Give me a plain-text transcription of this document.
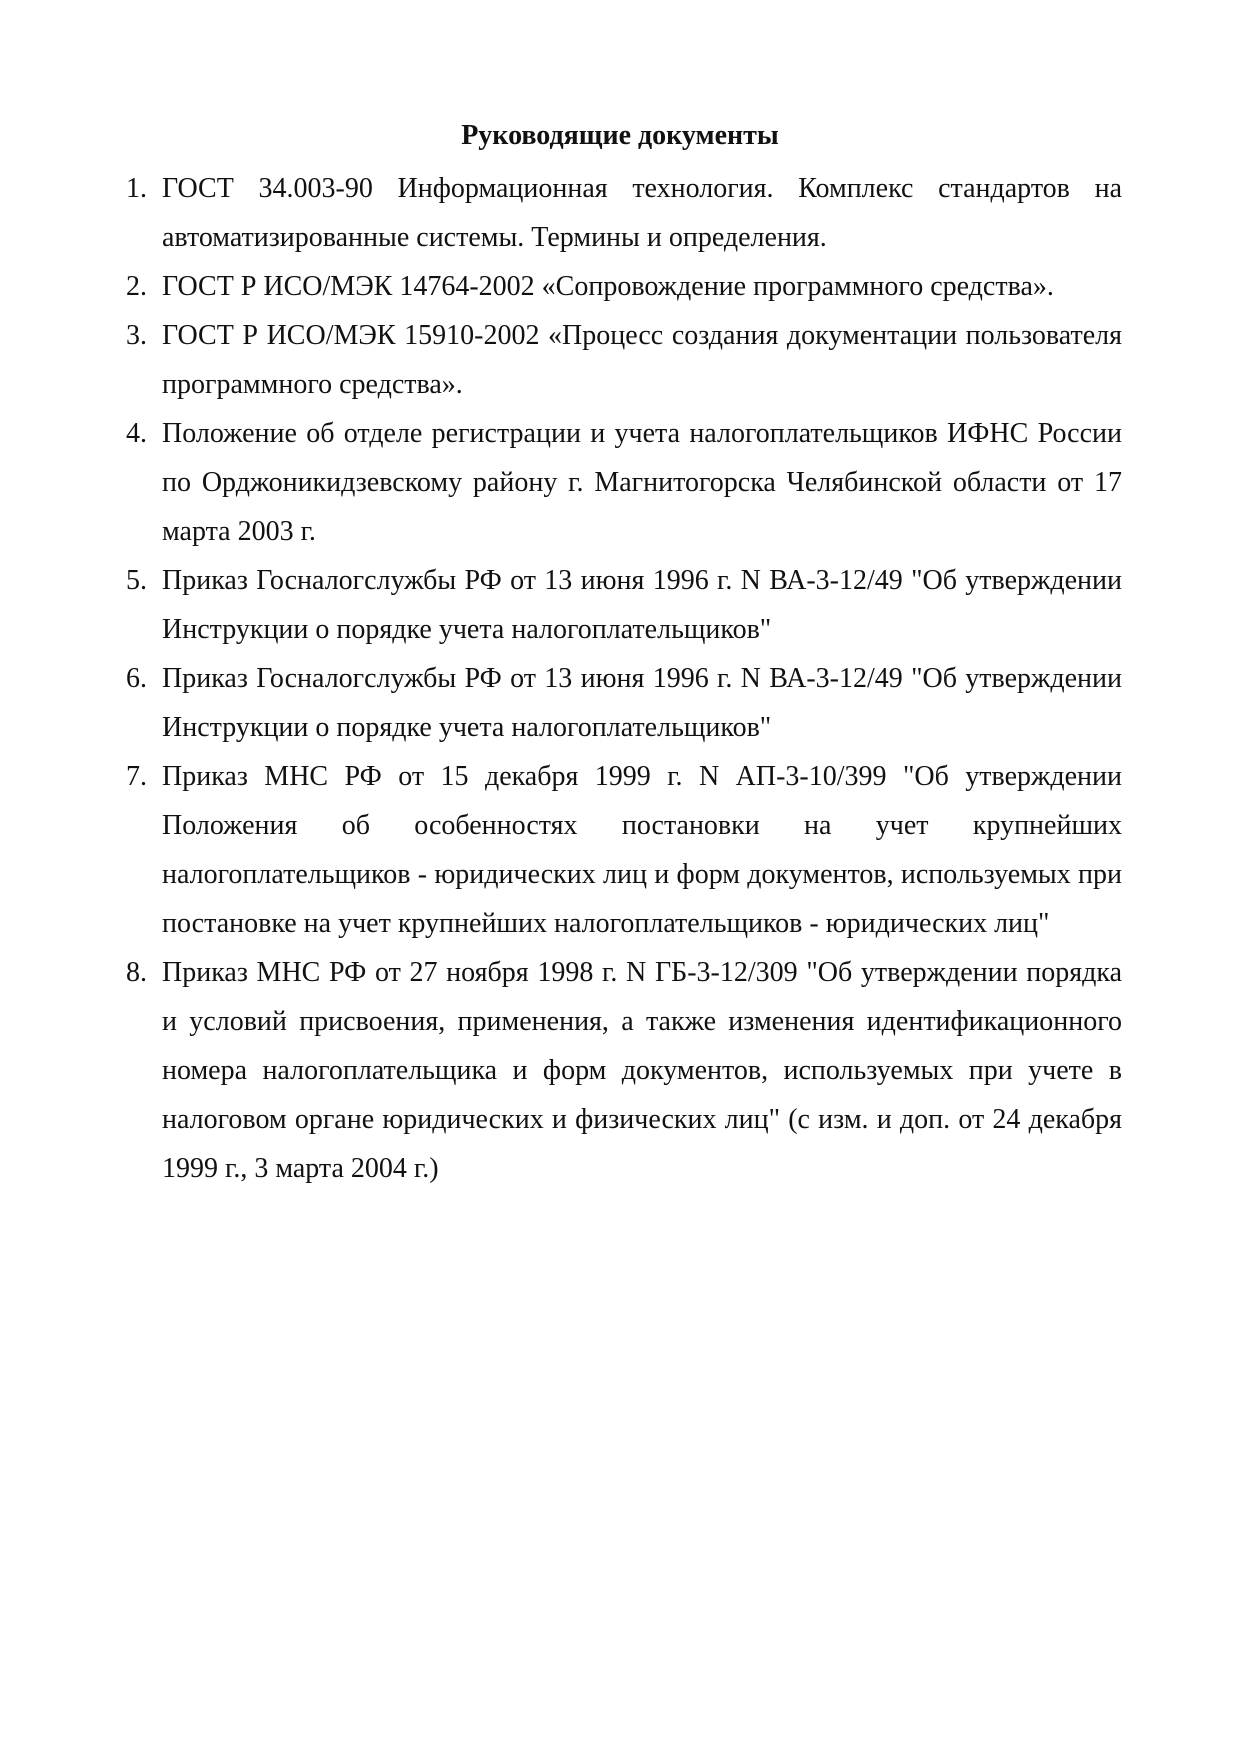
Руководящие документы
1. ГОСТ 34.003-90 Информационная технология. Комплекс стандартов на автоматизированные системы. Термины и определения.
2. ГОСТ Р ИСО/МЭК 14764-2002 «Сопровождение программного средства».
3. ГОСТ Р ИСО/МЭК 15910-2002 «Процесс создания документации пользователя программного средства».
4. Положение об отделе регистрации и учета налогоплательщиков ИФНС России по Орджоникидзевскому району г. Магнитогорска Челябинской области от 17 марта 2003 г.
5. Приказ Госналогслужбы РФ от 13 июня 1996 г. N ВА-3-12/49 "Об утверждении Инструкции о порядке учета налогоплательщиков"
6. Приказ Госналогслужбы РФ от 13 июня 1996 г. N ВА-3-12/49 "Об утверждении Инструкции о порядке учета налогоплательщиков"
7. Приказ МНС РФ от 15 декабря 1999 г. N АП-3-10/399 "Об утверждении Положения об особенностях постановки на учет крупнейших налогоплательщиков - юридических лиц и форм документов, используемых при постановке на учет крупнейших налогоплательщиков - юридических лиц"
8. Приказ МНС РФ от 27 ноября 1998 г. N ГБ-3-12/309 "Об утверждении порядка и условий присвоения, применения, а также изменения идентификационного номера налогоплательщика и форм документов, используемых при учете в налоговом органе юридических и физических лиц" (с изм. и доп. от 24 декабря 1999 г., 3 марта 2004 г.)
